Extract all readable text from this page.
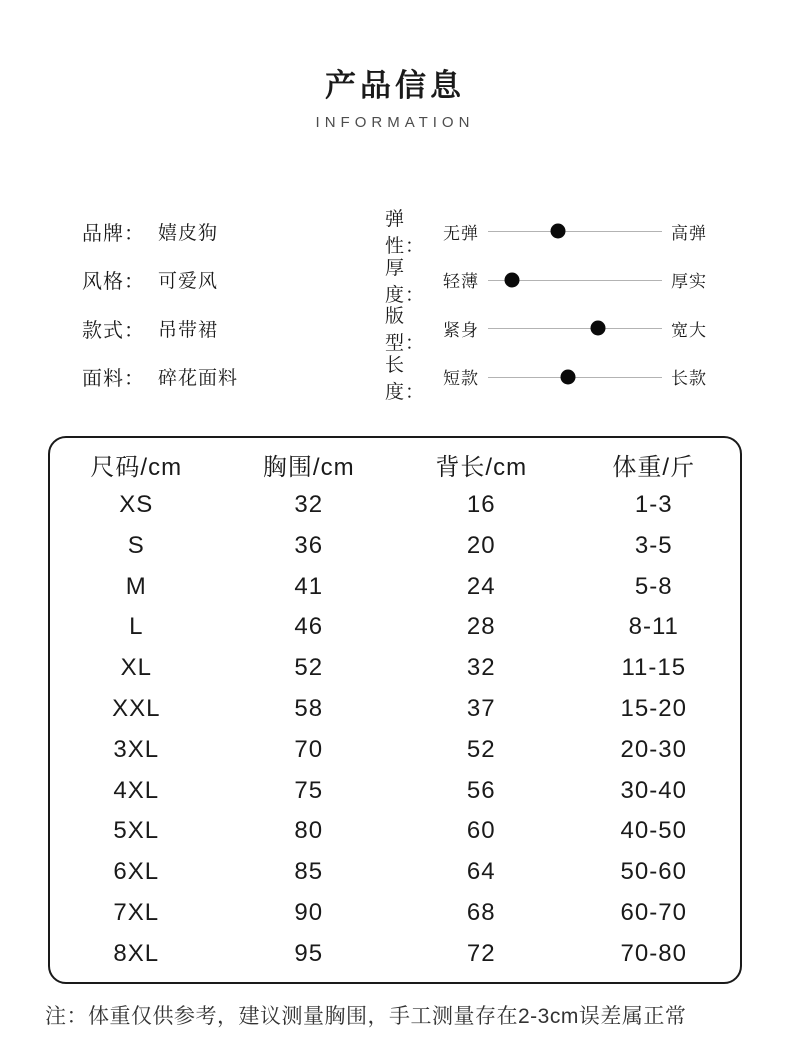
产品信息
INFORMATION
品牌： 嬉皮狗
风格： 可爱风
款式： 吊带裙
面料： 碎花面料
弹性：
无弹	高弹
厚度：
轻薄	厚实
版型：
紧身	宽大
长度：
短款	长款
尺码/cm	胸围/cm	背长/cm	体重/斤
XS	32	16	1-3
S	36	20	3-5
M	41	24	5-8
L	46	28	8-11
XL	52	32	11-15
XXL	58	37	15-20
3XL	70	52	20-30
4XL	75	56	30-40
5XL	80	60	40-50
6XL	85	64	50-60
7XL	90	68	60-70
8XL	95	72	70-80
注：体重仅供参考，建议测量胸围，手工测量存在2-3cm误差属正常
